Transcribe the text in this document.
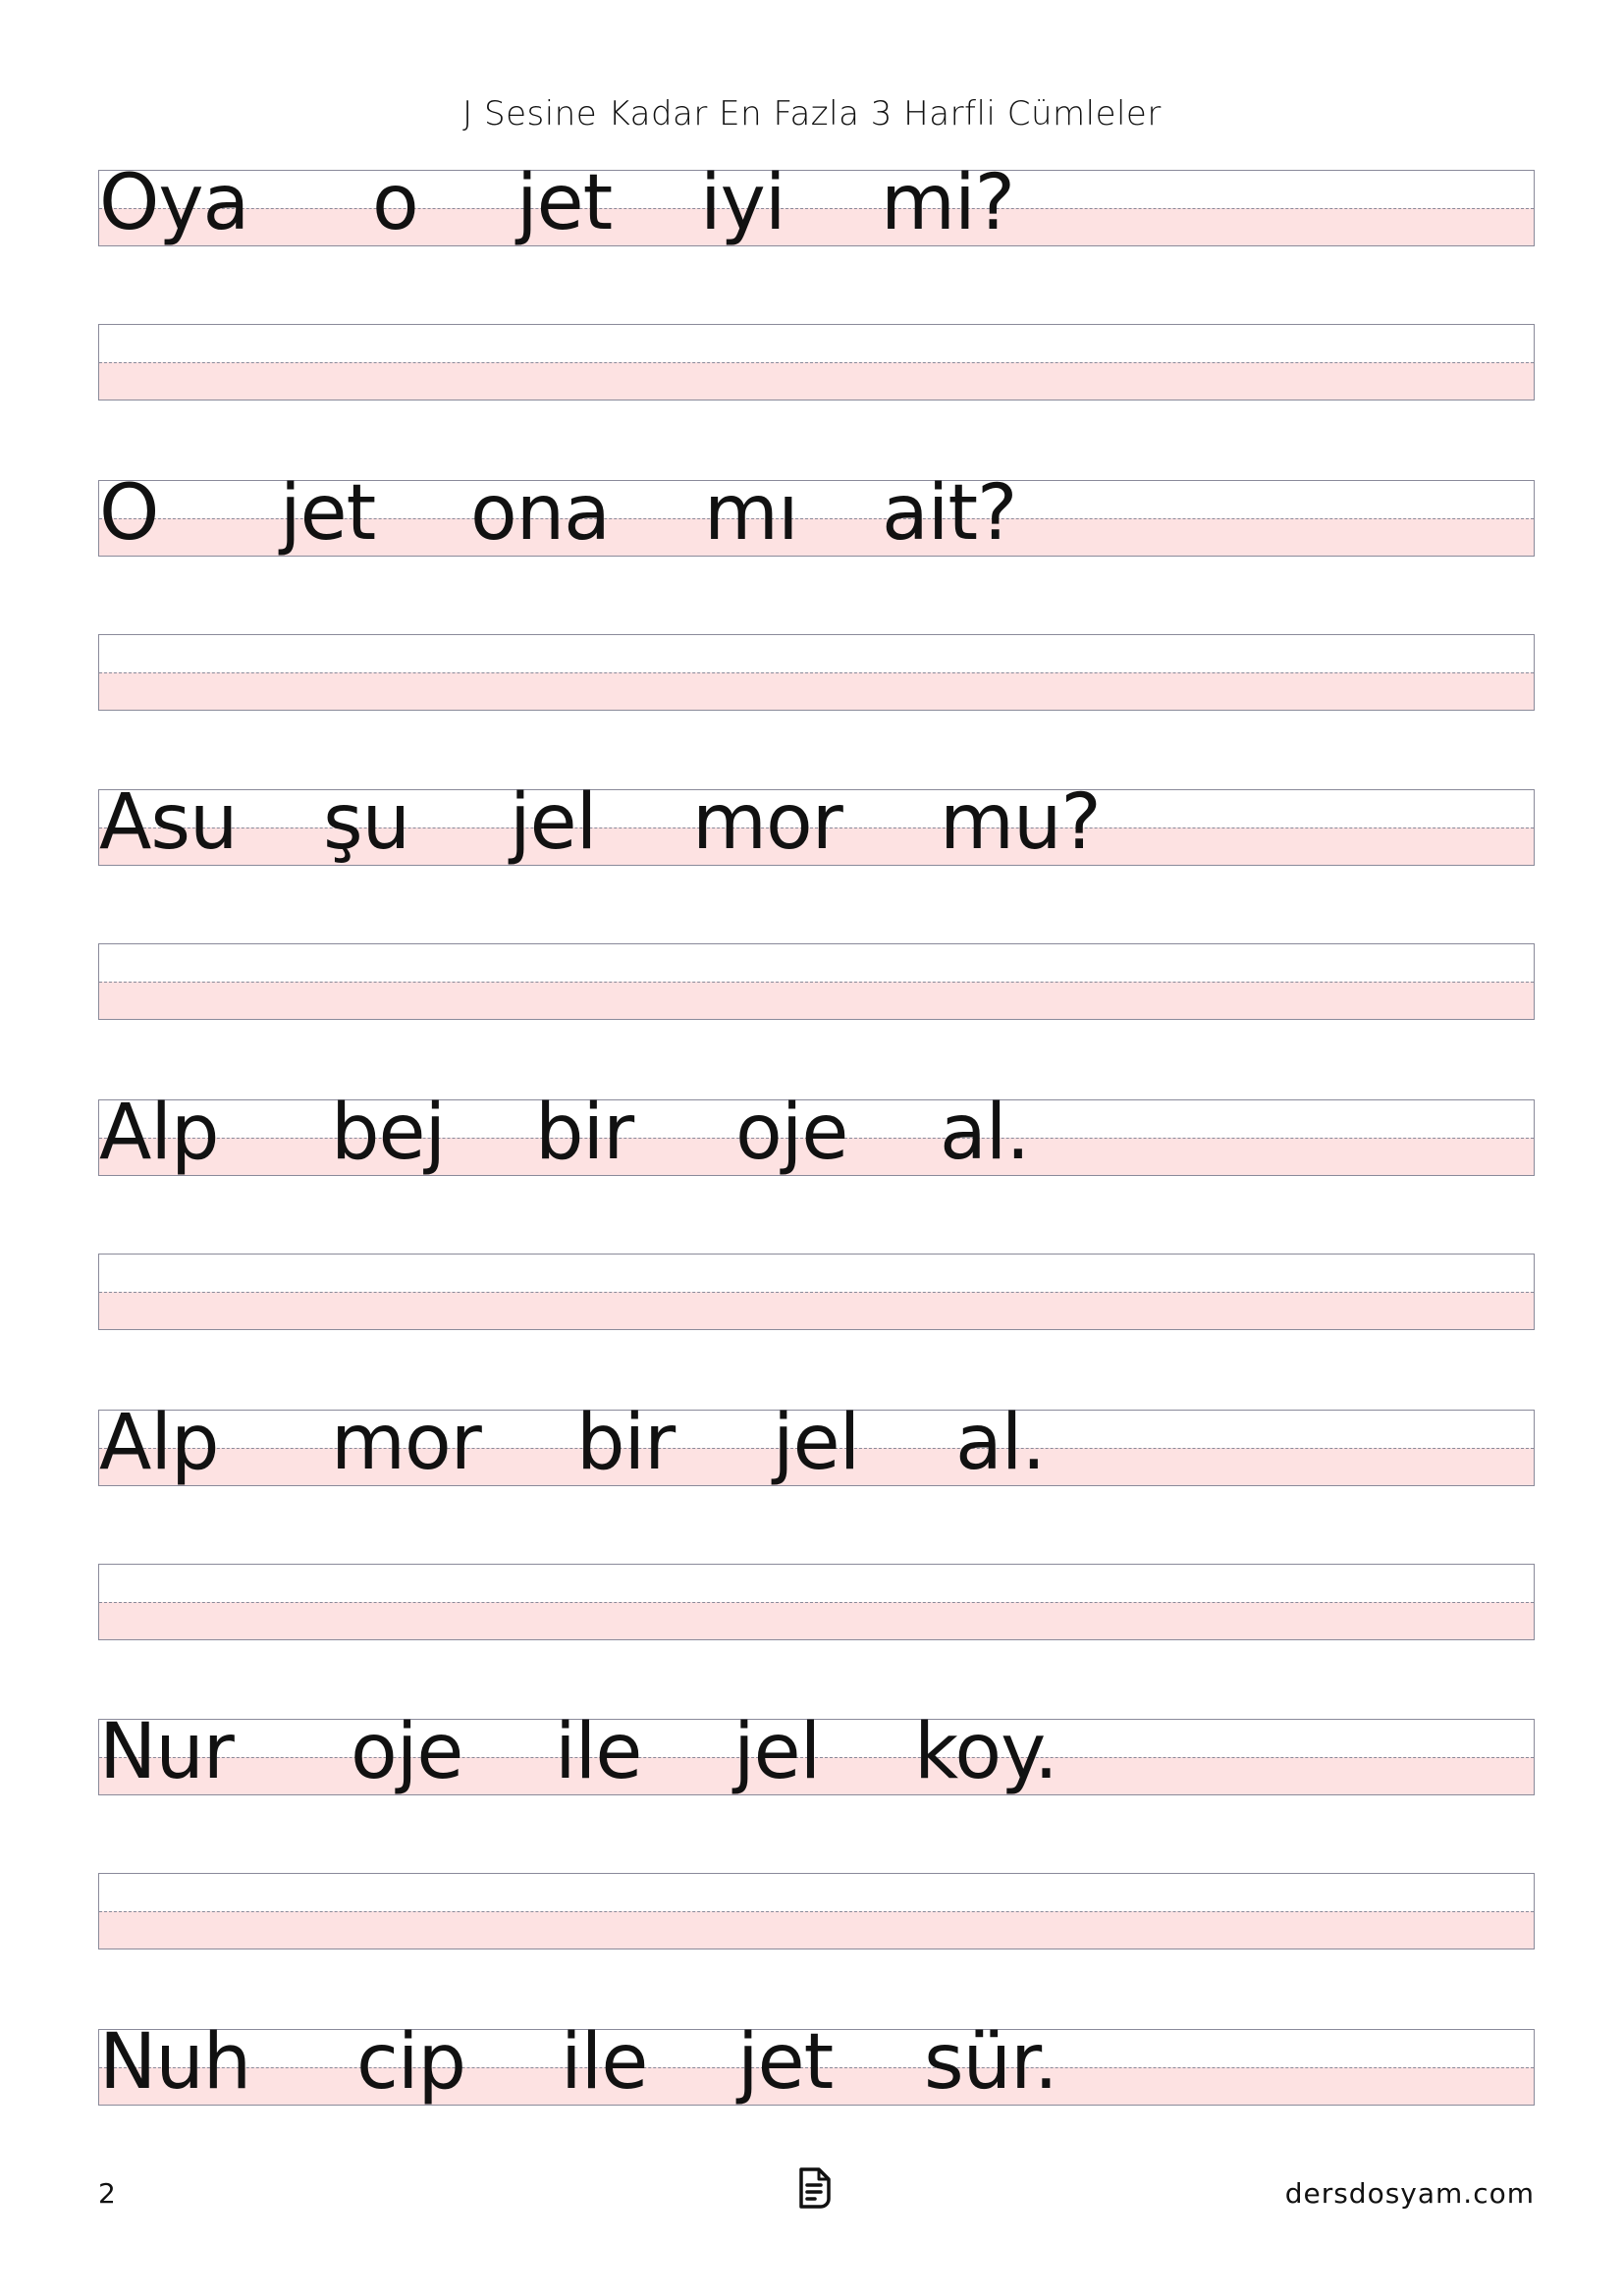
J Sesine Kadar En Fazla 3 Harfli Cümleler
Oya o jet iyi mi?
O jet ona mı ait?
Asu şu jel mor mu?
Alp bej bir oje al.
Alp mor bir jel al.
Nur oje ile jel koy.
Nuh cip ile jet sür.
2	dersdosyam.com
